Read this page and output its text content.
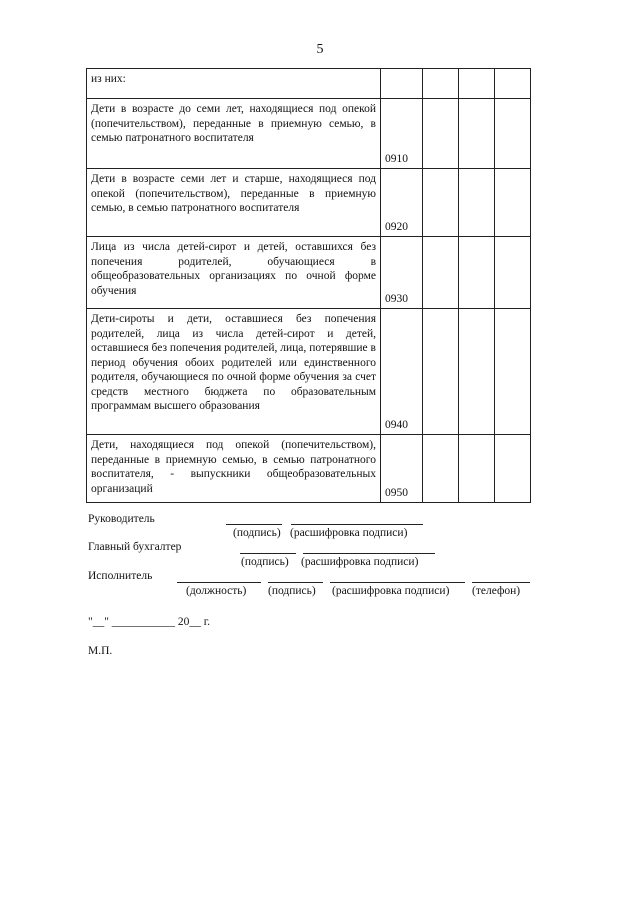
5
из них:				
Дети в возрасте до семи лет, находящиеся под опекой (попечительством), переданные в приемную семью, в семью патронатного воспитателя	0910			
Дети в возрасте семи лет и старше, находящиеся под опекой (попечительством), переданные в приемную семью, в семью патронатного воспитателя	0920			
Лица из числа детей-сирот и детей, оставшихся без попечения родителей, обучающиеся в общеобразовательных организациях по очной форме обучения	0930			
Дети-сироты и дети, оставшиеся без попечения родителей, лица из числа детей-сирот и детей, оставшиеся без попечения родителей, лица, потерявшие в период обучения обоих родителей или единственного родителя, обучающиеся по очной форме обучения за счет средств местного бюджета по образовательным программам высшего образования	0940			
Дети, находящиеся под опекой (попечительством), переданные в приемную семью, в семью патронатного воспитателя, - выпускники общеобразовательных организаций	0950			
Руководитель
(подпись) (расшифровка подписи)
Главный бухгалтер
(подпись) (расшифровка подписи)
Исполнитель
(должность) (подпись) (расшифровка подписи) (телефон)
"__" ___________ 20__ г.
М.П.
